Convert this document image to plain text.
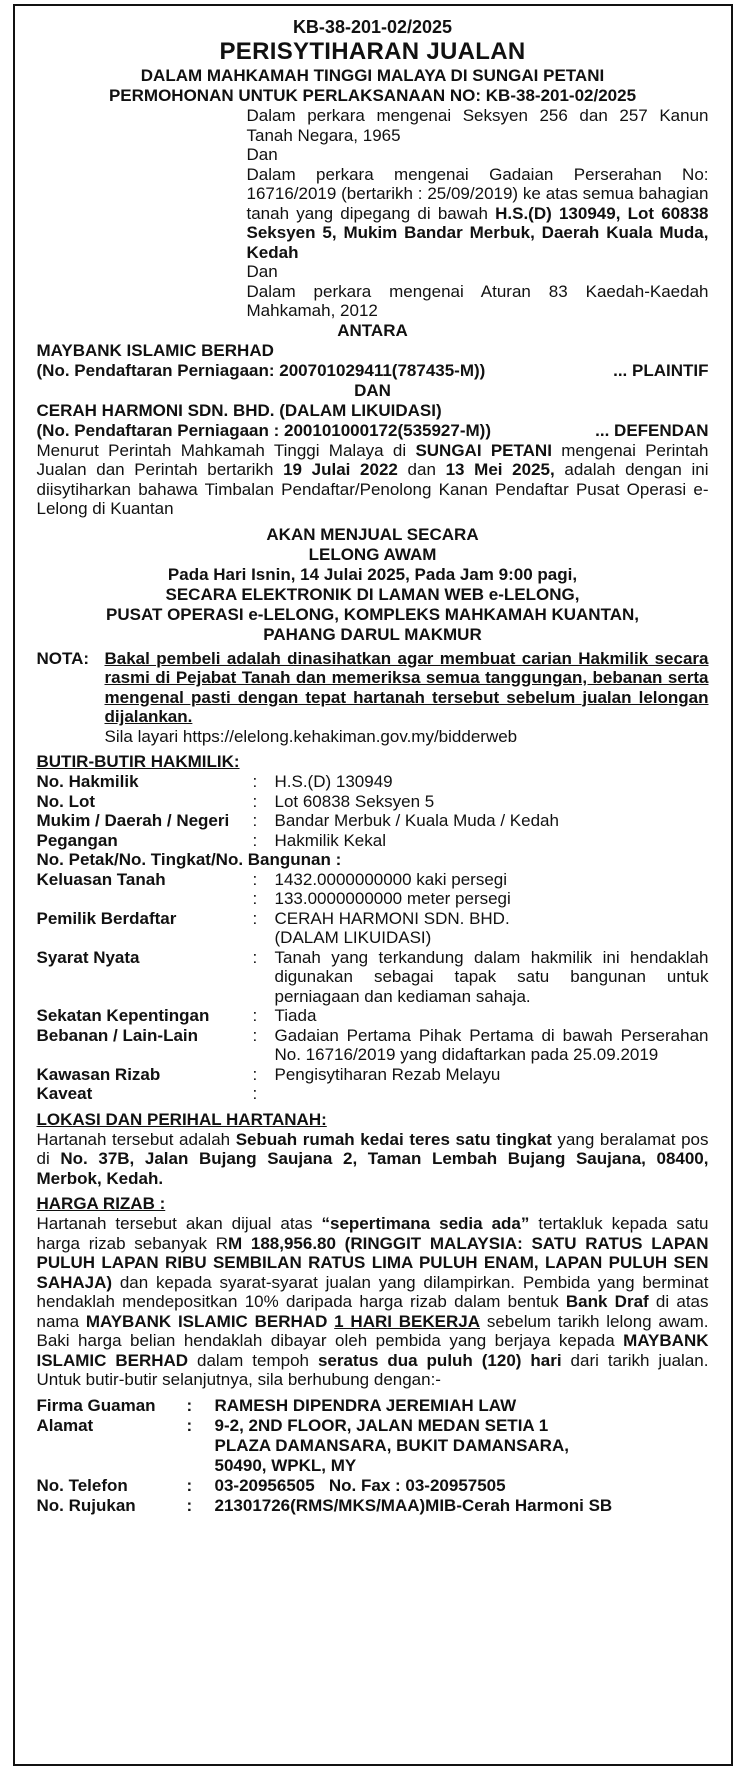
KB-38-201-02/2025
PERISYTIHARAN JUALAN
DALAM MAHKAMAH TINGGI MALAYA DI SUNGAI PETANI
PERMOHONAN UNTUK PERLAKSANAAN NO: KB-38-201-02/2025

Dalam perkara mengenai Seksyen 256 dan 257 Kanun Tanah Negara, 1965

Dan

Dalam perkara mengenai Gadaian Perserahan No: 16716/2019 (bertarikh : 25/09/2019) ke atas semua bahagian tanah yang dipegang di bawah H.S.(D) 130949, Lot 60838 Seksyen 5, Mukim Bandar Merbuk, Daerah Kuala Muda, Kedah

Dan

Dalam perkara mengenai Aturan 83 Kaedah-Kaedah Mahkamah, 2012

ANTARA
MAYBANK ISLAMIC BERHAD
(No. Pendaftaran Perniagaan: 200701029411(787435-M))	... PLAINTIF
DAN
CERAH HARMONI SDN. BHD. (DALAM LIKUIDASI)
(No. Pendaftaran Perniagaan : 200101000172(535927-M))	... DEFENDAN

Menurut Perintah Mahkamah Tinggi Malaya di SUNGAI PETANI mengenai Perintah Jualan dan Perintah bertarikh 19 Julai 2022 dan 13 Mei 2025, adalah dengan ini diisytiharkan bahawa Timbalan Pendaftar/Penolong Kanan Pendaftar Pusat Operasi e-Lelong di Kuantan

AKAN MENJUAL SECARA
LELONG AWAM
Pada Hari Isnin, 14 Julai 2025, Pada Jam 9:00 pagi,
SECARA ELEKTRONIK DI LAMAN WEB e-LELONG,
PUSAT OPERASI e-LELONG, KOMPLEKS MAHKAMAH KUANTAN,
PAHANG DARUL MAKMUR
NOTA: Bakal pembeli adalah dinasihatkan agar membuat carian Hakmilik secara rasmi di Pejabat Tanah dan memeriksa semua tanggungan, bebanan serta mengenal pasti dengan tepat hartanah tersebut sebelum jualan lelongan dijalankan.
Sila layari https://elelong.kehakiman.gov.my/bidderweb
BUTIR-BUTIR HAKMILIK:
No. Hakmilik	:	H.S.(D) 130949
No. Lot	:	Lot 60838 Seksyen 5
Mukim / Daerah / Negeri	:	Bandar Merbuk / Kuala Muda / Kedah
Pegangan	:	Hakmilik Kekal
No. Petak/No. Tingkat/No. Bangunan :
Keluasan Tanah	:	1432.0000000000 kaki persegi
:	133.0000000000 meter persegi
Pemilik Berdaftar	:	CERAH HARMONI SDN. BHD.
(DALAM LIKUIDASI)
Syarat Nyata	:	Tanah yang terkandung dalam hakmilik ini hendaklah digunakan sebagai tapak satu bangunan untuk perniagaan dan kediaman sahaja.
Sekatan Kepentingan	:	Tiada
Bebanan / Lain-Lain	:	Gadaian Pertama Pihak Pertama di bawah Perserahan No. 16716/2019 yang didaftarkan pada 25.09.2019
Kawasan Rizab	:	Pengisytiharan Rezab Melayu
Kaveat	:
LOKASI DAN PERIHAL HARTANAH:

Hartanah tersebut adalah Sebuah rumah kedai teres satu tingkat yang beralamat pos di No. 37B, Jalan Bujang Saujana 2, Taman Lembah Bujang Saujana, 08400, Merbok, Kedah.

HARGA RIZAB :

Hartanah tersebut akan dijual atas “sepertimana sedia ada” tertakluk kepada satu harga rizab sebanyak RM 188,956.80 (RINGGIT MALAYSIA: SATU RATUS LAPAN PULUH LAPAN RIBU SEMBILAN RATUS LIMA PULUH ENAM, LAPAN PULUH SEN SAHAJA) dan kepada syarat-syarat jualan yang dilampirkan. Pembida yang berminat hendaklah mendepositkan 10% daripada harga rizab dalam bentuk Bank Draf di atas nama MAYBANK ISLAMIC BERHAD 1 HARI BEKERJA sebelum tarikh lelong awam. Baki harga belian hendaklah dibayar oleh pembida yang berjaya kepada MAYBANK ISLAMIC BERHAD dalam tempoh seratus dua puluh (120) hari dari tarikh jualan. Untuk butir-butir selanjutnya, sila berhubung dengan:-

Firma Guaman	:	RAMESH DIPENDRA JEREMIAH LAW
Alamat	:	9-2, 2ND FLOOR, JALAN MEDAN SETIA 1
PLAZA DAMANSARA, BUKIT DAMANSARA,
50490, WPKL, MY
No. Telefon	:	03-20956505   No. Fax : 03-20957505
No. Rujukan	:	21301726(RMS/MKS/MAA)MIB-Cerah Harmoni SB
